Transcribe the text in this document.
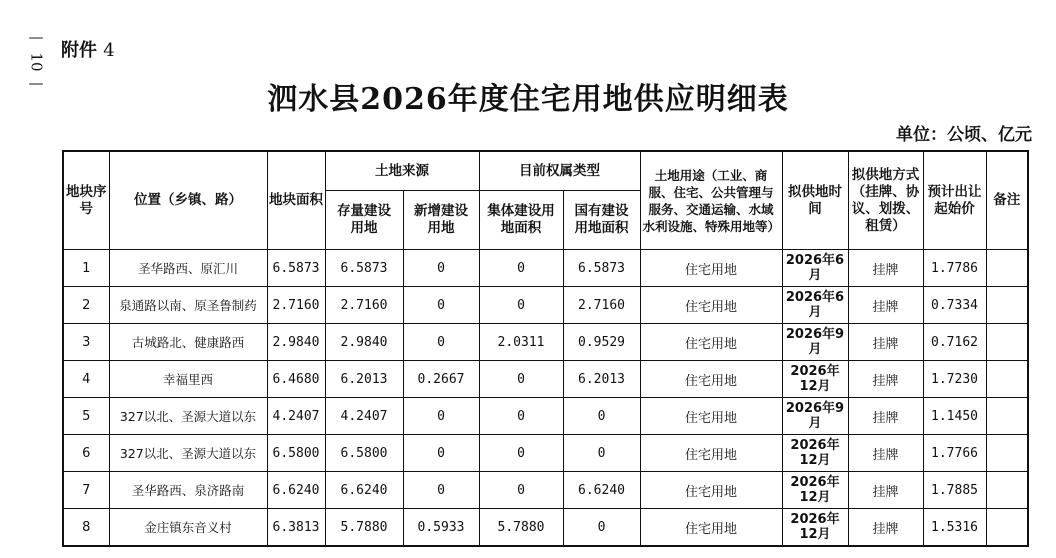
—
10
—
附件 4
泗水县2026年度住宅用地供应明细表
单位：公顷、亿元
地块序号	位置（乡镇、路）	地块面积	土地来源		目前权属类型		土地用途（工业、商服、住宅、公共管理与服务、交通运输、水域水利设施、特殊用地等）	拟供地时间	拟供地方式（挂牌、协议、划拨、租赁）	预计出让起始价	备注
			存量建设用地	新增建设用地	集体建设用地面积	国有建设用地面积					
1	圣华路西、原汇川	6.5873	6.5873	0	0	6.5873	住宅用地	2026年6月	挂牌	1.7786	
2	泉通路以南、原圣鲁制药	2.7160	2.7160	0	0	2.7160	住宅用地	2026年6月	挂牌	0.7334	
3	古城路北、健康路西	2.9840	2.9840	0	2.0311	0.9529	住宅用地	2026年9月	挂牌	0.7162	
4	幸福里西	6.4680	6.2013	0.2667	0	6.2013	住宅用地	2026年12月	挂牌	1.7230	
5	327以北、圣源大道以东	4.2407	4.2407	0	0	0	住宅用地	2026年9月	挂牌	1.1450	
6	327以北、圣源大道以东	6.5800	6.5800	0	0	0	住宅用地	2026年12月	挂牌	1.7766	
7	圣华路西、泉济路南	6.6240	6.6240	0	0	6.6240	住宅用地	2026年12月	挂牌	1.7885	
8	金庄镇东音义村	6.3813	5.7880	0.5933	5.7880	0	住宅用地	2026年12月	挂牌	1.5316	
